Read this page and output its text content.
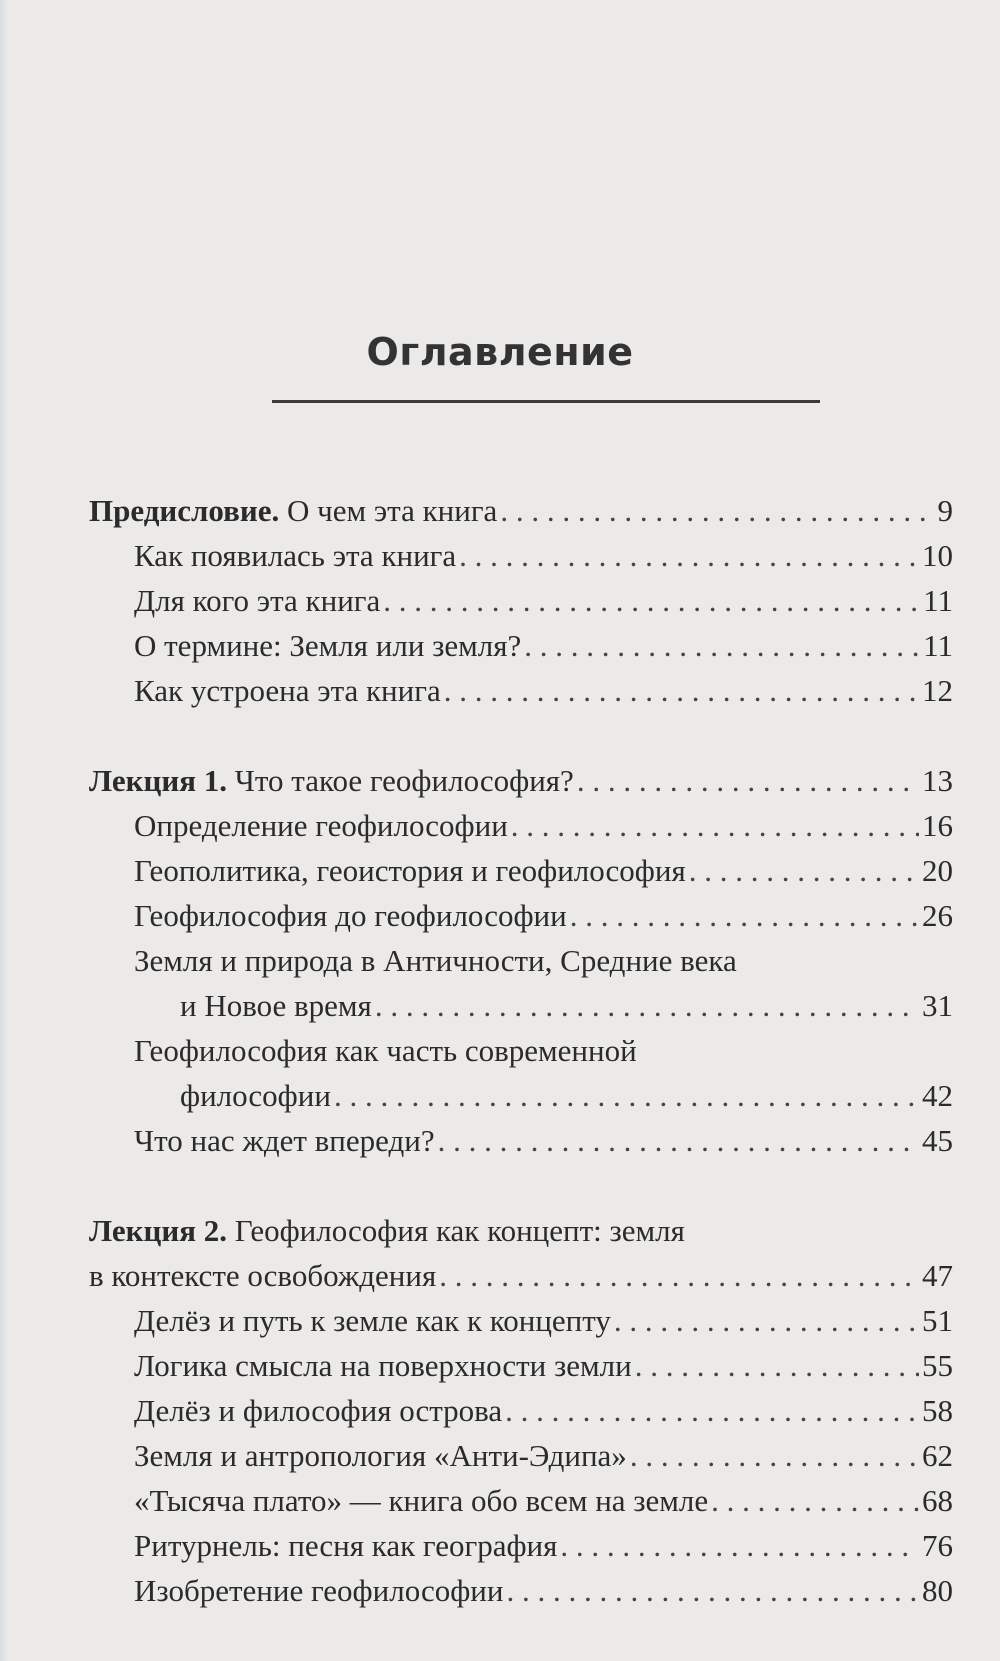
Оглавление
Предисловие.
О чем эта книга . . .	9
Как появилась эта книга . . .	10
Для кого эта книга . . .	11
О термине: Земля или земля? . . .	11
Как устроена эта книга . . .	12
Лекция 1.
Что такое геофилософия? . . .	13
Определение геофилософии . . .	16
Геополитика, геоистория и геофилософия . . .	20
Геофилософия до геофилософии . . .	26
Земля и природа в Античности, Средние века
и Новое время . . .	31
Геофилософия как часть современной
философии . . .	42
Что нас ждет впереди? . . .	45
Лекция 2.
Геофилософия как концепт: земля
в контексте освобождения . . .	47
Делёз и путь к земле как к концепту . . .	51
Логика смысла на поверхности земли . . .	55
Делёз и философия острова . . .	58
Земля и антропология «Анти-Эдипа» . . .	62
«Тысяча плато» — книга обо всем на земле . . .	68
Ритурнель: песня как география . . .	76
Изобретение геофилософии . . .	80
